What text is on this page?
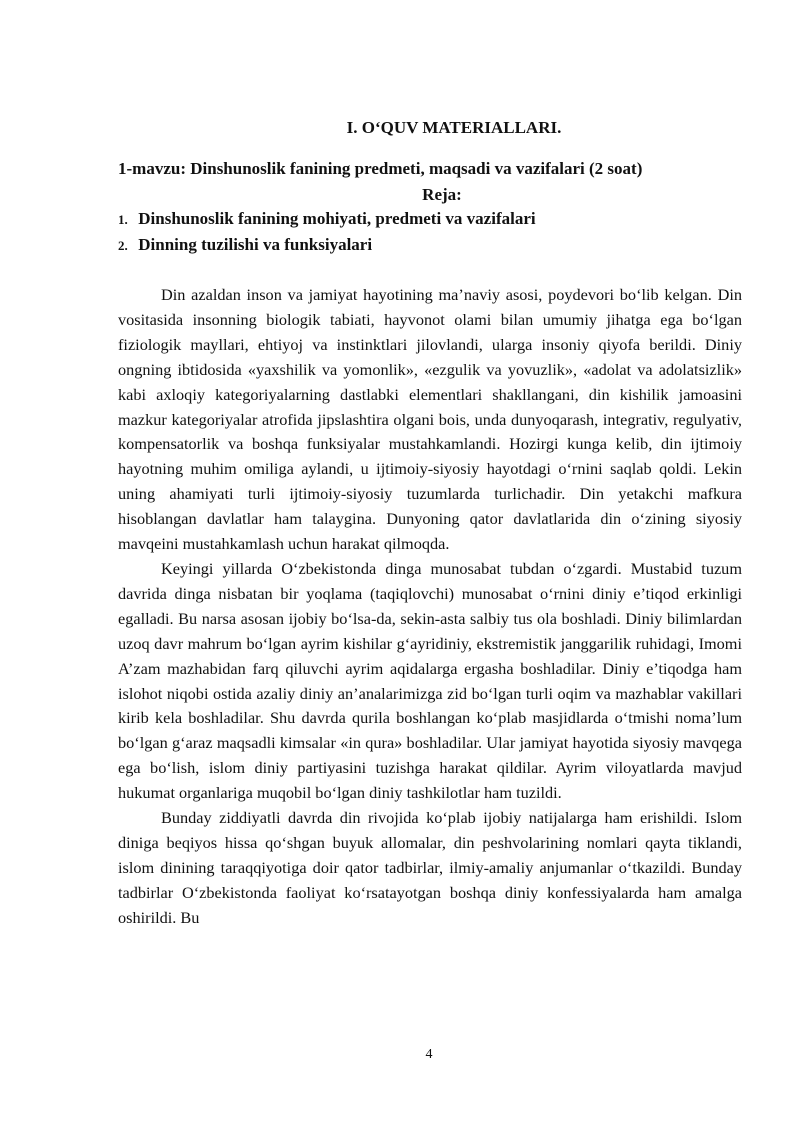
I. O‘QUV MATERIALLARI.
1-mavzu: Dinshunoslik fanining predmeti, maqsadi va vazifalari (2 soat)
Reja:
1. Dinshunoslik fanining mohiyati, predmeti va vazifalari
2. Dinning tuzilishi va funksiyalari

Din azaldan inson va jamiyat hayotining ma’naviy asosi, poydevori bo‘lib kelgan. Din vositasida insonning biologik tabiati, hayvonot olami bilan umumiy jihatga ega bo‘lgan fiziologik mayllari, ehtiyoj va instinktlari jilovlandi, ularga insoniy qiyofa berildi. Diniy ongning ibtidosida «yaxshilik va yomonlik», «ezgulik va yovuzlik», «adolat va adolatsizlik» kabi axloqiy kategoriyalarning dastlabki elementlari shakllangani, din kishilik jamoasini mazkur kategoriyalar atrofida jipslashtira olgani bois, unda dunyoqarash, integrativ, regulyativ, kompensatorlik va boshqa funksiyalar mustahkamlandi. Hozirgi kunga kelib, din ijtimoiy hayotning muhim omiliga aylandi, u ijtimoiy-siyosiy hayotdagi o‘rnini saqlab qoldi. Lekin uning ahamiyati turli ijtimoiy-siyosiy tuzumlarda turlichadir. Din yetakchi mafkura hisoblangan davlatlar ham talaygina. Dunyoning qator davlatlarida din o‘zining siyosiy mavqeini mustahkamlash uchun harakat qilmoqda.

Keyingi yillarda O‘zbekistonda dinga munosabat tubdan o‘zgardi. Mustabid tuzum davrida dinga nisbatan bir yoqlama (taqiqlovchi) munosabat o‘rnini diniy e’tiqod erkinligi egalladi. Bu narsa asosan ijobiy bo‘lsa-da, sekin-asta salbiy tus ola boshladi. Diniy bilimlardan uzoq davr mahrum bo‘lgan ayrim kishilar g‘ayridiniy, ekstremistik janggarilik ruhidagi, Imomi A’zam mazhabidan farq qiluvchi ayrim aqidalarga ergasha boshladilar. Diniy e’tiqodga ham islohot niqobi ostida azaliy diniy an’analarimizga zid bo‘lgan turli oqim va mazhablar vakillari kirib kela boshladilar. Shu davrda qurila boshlangan ko‘plab masjidlarda o‘tmishi noma’lum bo‘lgan g‘araz maqsadli kimsalar «in qura» boshladilar. Ular jamiyat hayotida siyosiy mavqega ega bo‘lish, islom diniy partiyasini tuzishga harakat qildilar. Ayrim viloyatlarda mavjud hukumat organlariga muqobil bo‘lgan diniy tashkilotlar ham tuzildi.

Bunday ziddiyatli davrda din rivojida ko‘plab ijobiy natijalarga ham erishildi. Islom diniga beqiyos hissa qo‘shgan buyuk allomalar, din peshvolarining nomlari qayta tiklandi, islom dinining taraqqiyotiga doir qator tadbirlar, ilmiy-amaliy anjumanlar o‘tkazildi. Bunday tadbirlar O‘zbekistonda faoliyat ko‘rsatayotgan boshqa diniy konfessiyalarda ham amalga oshirildi. Bu

4
